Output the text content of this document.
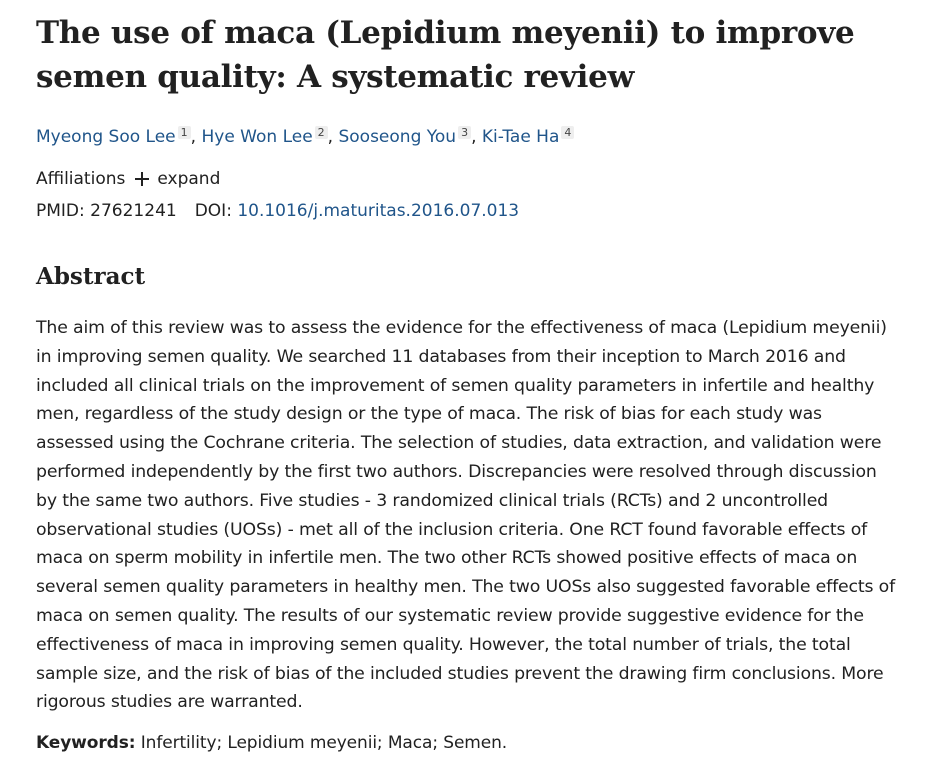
The use of maca (Lepidium meyenii) to improve semen quality: A systematic review
Myeong Soo Lee $^1$ , Hye Won Lee $^2$ , Sooseong You $^3$ , Ki-Tae Ha $^4$
Affiliations expand
PMID: 27621241 DOI: 10.1016/j.maturitas.2016.07.013
Abstract
The aim of this review was to assess the evidence for the effectiveness of maca (Lepidium meyenii) in improving semen quality. We searched 11 databases from their inception to March 2016 and included all clinical trials on the improvement of semen quality parameters in infertile and healthy men, regardless of the study design or the type of maca. The risk of bias for each study was assessed using the Cochrane criteria. The selection of studies, data extraction, and validation were performed independently by the first two authors. Discrepancies were resolved through discussion by the same two authors. Five studies - 3 randomized clinical trials (RCTs) and 2 uncontrolled observational studies (UOSs) - met all of the inclusion criteria. One RCT found favorable effects of maca on sperm mobility in infertile men. The two other RCTs showed positive effects of maca on several semen quality parameters in healthy men. The two UOSs also suggested favorable effects of maca on semen quality. The results of our systematic review provide suggestive evidence for the effectiveness of maca in improving semen quality. However, the total number of trials, the total sample size, and the risk of bias of the included studies prevent the drawing firm conclusions. More rigorous studies are warranted.
Keywords: Infertility; Lepidium meyenii; Maca; Semen.
